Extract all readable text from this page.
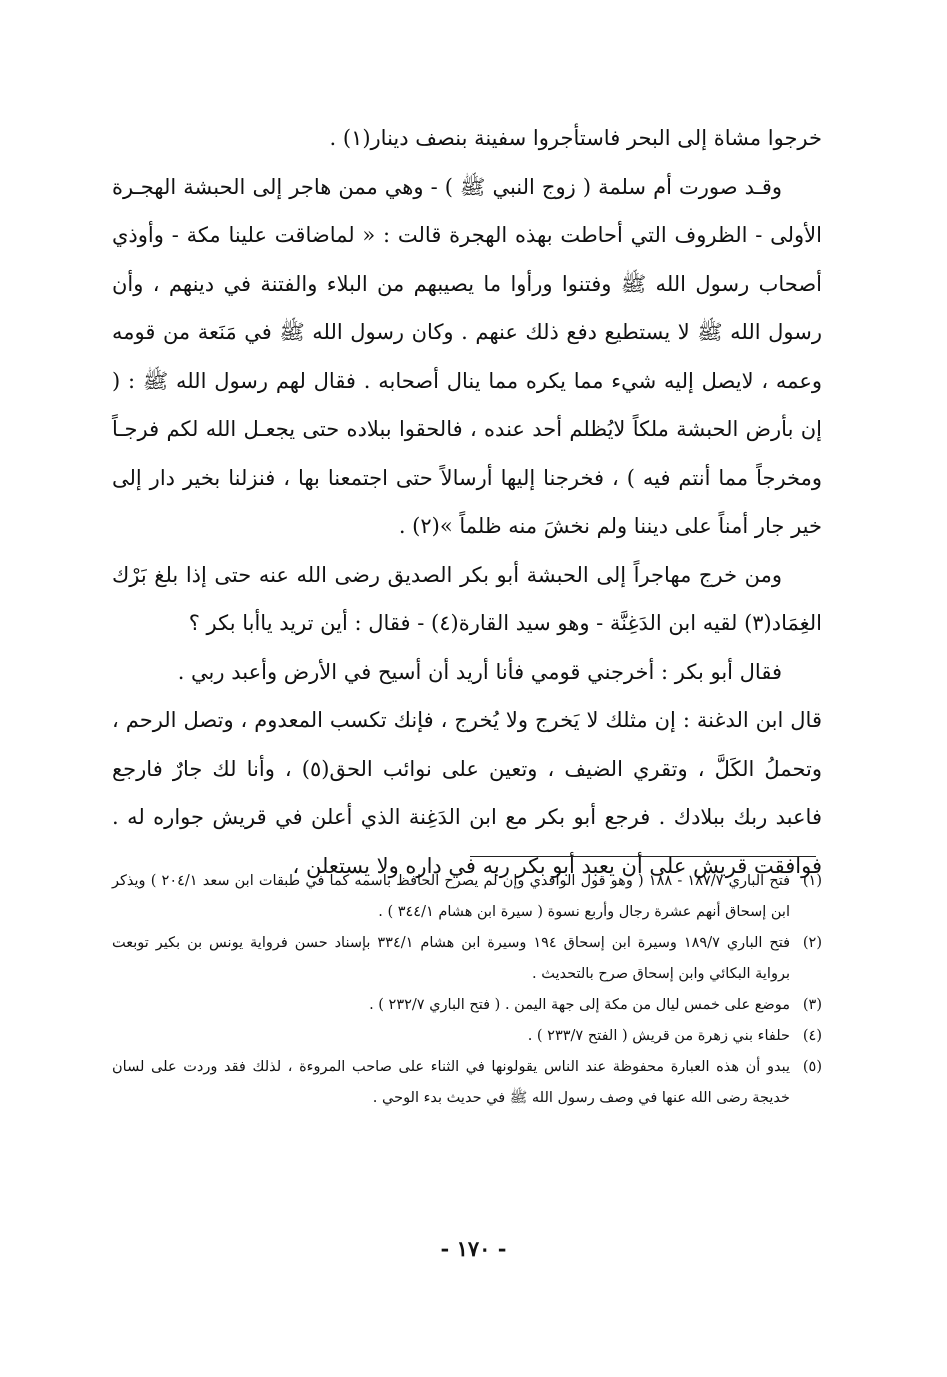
خرجوا مشاة إلى البحر فاستأجروا سفينة بنصف دينار(١) .

وقـد صورت أم سلمة ( زوج النبي ﷺ ) - وهي ممن هاجر إلى الحبشة الهجـرة الأولى - الظروف التي أحاطت بهذه الهجرة قالت : « لماضاقت علينا مكة - وأوذي أصحاب رسول الله ﷺ وفتنوا ورأوا ما يصيبهم من البلاء والفتنة في دينهم ، وأن رسول الله ﷺ لا يستطيع دفع ذلك عنهم . وكان رسول الله ﷺ في مَنَعة من قومه وعمه ، لايصل إليه شيء مما يكره مما ينال أصحابه . فقال لهم رسول الله ﷺ : ( إن بأرض الحبشة ملكاً لايُظلم أحد عنده ، فالحقوا ببلاده حتى يجعـل الله لكم فرجـاً ومخرجاً مما أنتم فيه ) ، فخرجنا إليها أرسالاً حتى اجتمعنا بها ، فنزلنا بخير دار إلى خير جار أمناً على ديننا ولم نخشَ منه ظلماً »(٢) .

ومن خرج مهاجراً إلى الحبشة أبو بكر الصديق رضى الله عنه حتى إذا بلغ بَرْك الغِمَاد(٣) لقيه ابن الدَغِنَّة - وهو سيد القارة(٤) - فقال : أين تريد ياأبا بكر ؟

فقال أبو بكر : أخرجني قومي فأنا أريد أن أسيح في الأرض وأعبد ربي .

قال ابن الدغنة : إن مثلك لا يَخرج ولا يُخرج ، فإنك تكسب المعدوم ، وتصل الرحم ، وتحملُ الكَلَّ ، وتقري الضيف ، وتعين على نوائب الحق(٥) ، وأنا لك جارٌ فارجع فاعبد ربك ببلادك . فرجع أبو بكر مع ابن الدَغِنة الذي أعلن في قريش جواره له . فوافقت قريش على أن يعبد أبو بكر ربه في داره ولا يستعلن ،

(١)
فتح الباري ١٨٧/٧ - ١٨٨ ( وهو قول الواقدي وإن لم يصرح الحافظ باسمه كما في طبقات ابن سعد ٢٠٤/١ ) ويذكر ابن إسحاق أنهم عشرة رجال وأربع نسوة ( سيرة ابن هشام ٣٤٤/١ ) .

(٢)
فتح الباري ١٨٩/٧ وسيرة ابن إسحاق ١٩٤ وسيرة ابن هشام ٣٣٤/١ بإسناد حسن فرواية يونس بن بكير توبعت برواية البكائي وابن إسحاق صرح بالتحديث .

(٣)
موضع على خمس ليال من مكة إلى جهة اليمن . ( فتح الباري ٢٣٢/٧ ) .

(٤)
حلفاء بني زهرة من قريش ( الفتح ٢٣٣/٧ ) .

(٥)
يبدو أن هذه العبارة محفوظة عند الناس يقولونها في الثناء على صاحب المروءة ، لذلك فقد وردت على لسان خديجة رضى الله عنها في وصف رسول الله ﷺ في حديث بدء الوحي .

- ١٧٠ -
